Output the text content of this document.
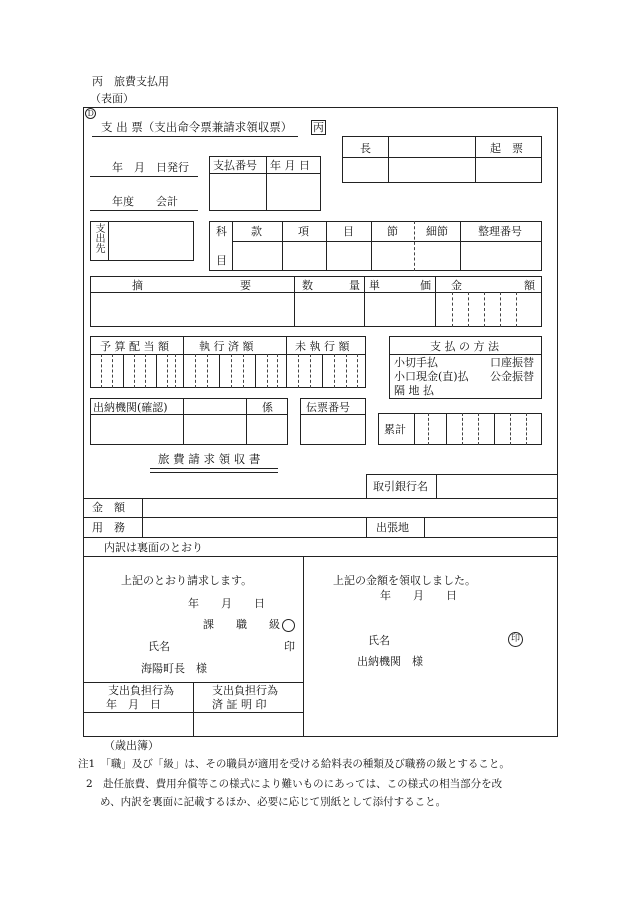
丙　旅費支払用
（表面）
Ｄ
支 出 票（支出命令票兼請求領収票） 丙
長	起　票
年　月　日発行
年度　　会計
支払番号 年 月 日
支出先	科
目
款	項	目	節	細節	整理番号
摘	要	数	量 単	価 金	額
予 算 配 当 額	執 行 済 額	未 執 行 額	支 払 の 方 法
小切手払	口座振替
小口現金(直)払 公金振替
隔 地 払
出納機関(確認)	係	伝票番号
累計
旅 費 請 求 領 収 書
取引銀行名
金　額
用　務	出張地
内訳は裏面のとおり
上記のとおり請求します。
年　　月　　日
課　　職　　級
氏名	印
海陽町長　様
上記の金額を領収しました。
年　　月　　日
氏名	印
出納機関　様
支出負担行為
年　月　日
支出負担行為
済 証 明 印
（歳出簿）
注1　「職」及び「級」は、その職員が適用を受ける給料表の種類及び職務の級とすること。
2　赴任旅費、費用弁償等この様式により難いものにあっては、この様式の相当部分を改
め、内訳を裏面に記載するほか、必要に応じて別紙として添付すること。
